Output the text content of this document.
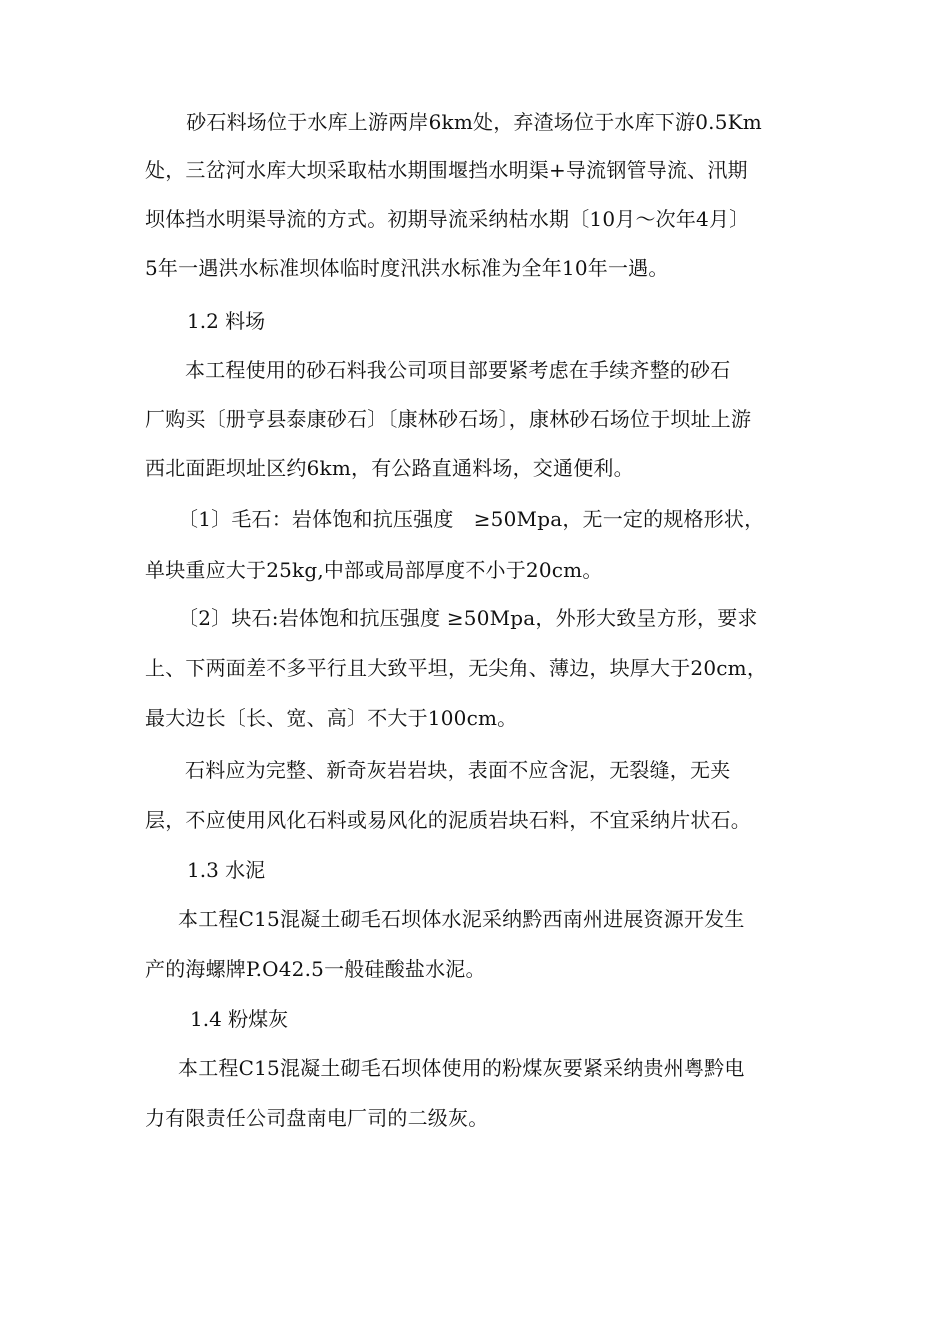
　砂石料场位于水库上游两岸6km处，弃渣场位于水库下游0.5Km
处，三岔河水库大坝采取枯水期围堰挡水明渠+导流钢管导流、汛期
坝体挡水明渠导流的方式。初期导流采纳枯水期〔10月～次年4月〕
5年一遇洪水标准坝体临时度汛洪水标准为全年10年一遇。
1.2 料场
本工程使用的砂石料我公司项目部要紧考虑在手续齐整的砂石
厂购买〔册亨县泰康砂石〕〔康林砂石场〕，康林砂石场位于坝址上游
西北面距坝址区约6km，有公路直通料场，交通便利。
〔1〕毛石：岩体饱和抗压强度　≥50Mpa，无一定的规格形状，
单块重应大于25kg,中部或局部厚度不小于20cm。
〔2〕块石:岩体饱和抗压强度 ≥50Mpa，外形大致呈方形，要求
上、下两面差不多平行且大致平坦，无尖角、薄边，块厚大于20cm，
最大边长〔长、宽、高〕不大于100cm。
石料应为完整、新奇灰岩岩块，表面不应含泥，无裂缝，无夹
层，不应使用风化石料或易风化的泥质岩块石料，不宜采纳片状石。
1.3 水泥
本工程C15混凝土砌毛石坝体水泥采纳黔西南州进展资源开发生
产的海螺牌P.O42.5一般硅酸盐水泥。
1.4 粉煤灰
本工程C15混凝土砌毛石坝体使用的粉煤灰要紧采纳贵州粤黔电
力有限责任公司盘南电厂司的二级灰。
